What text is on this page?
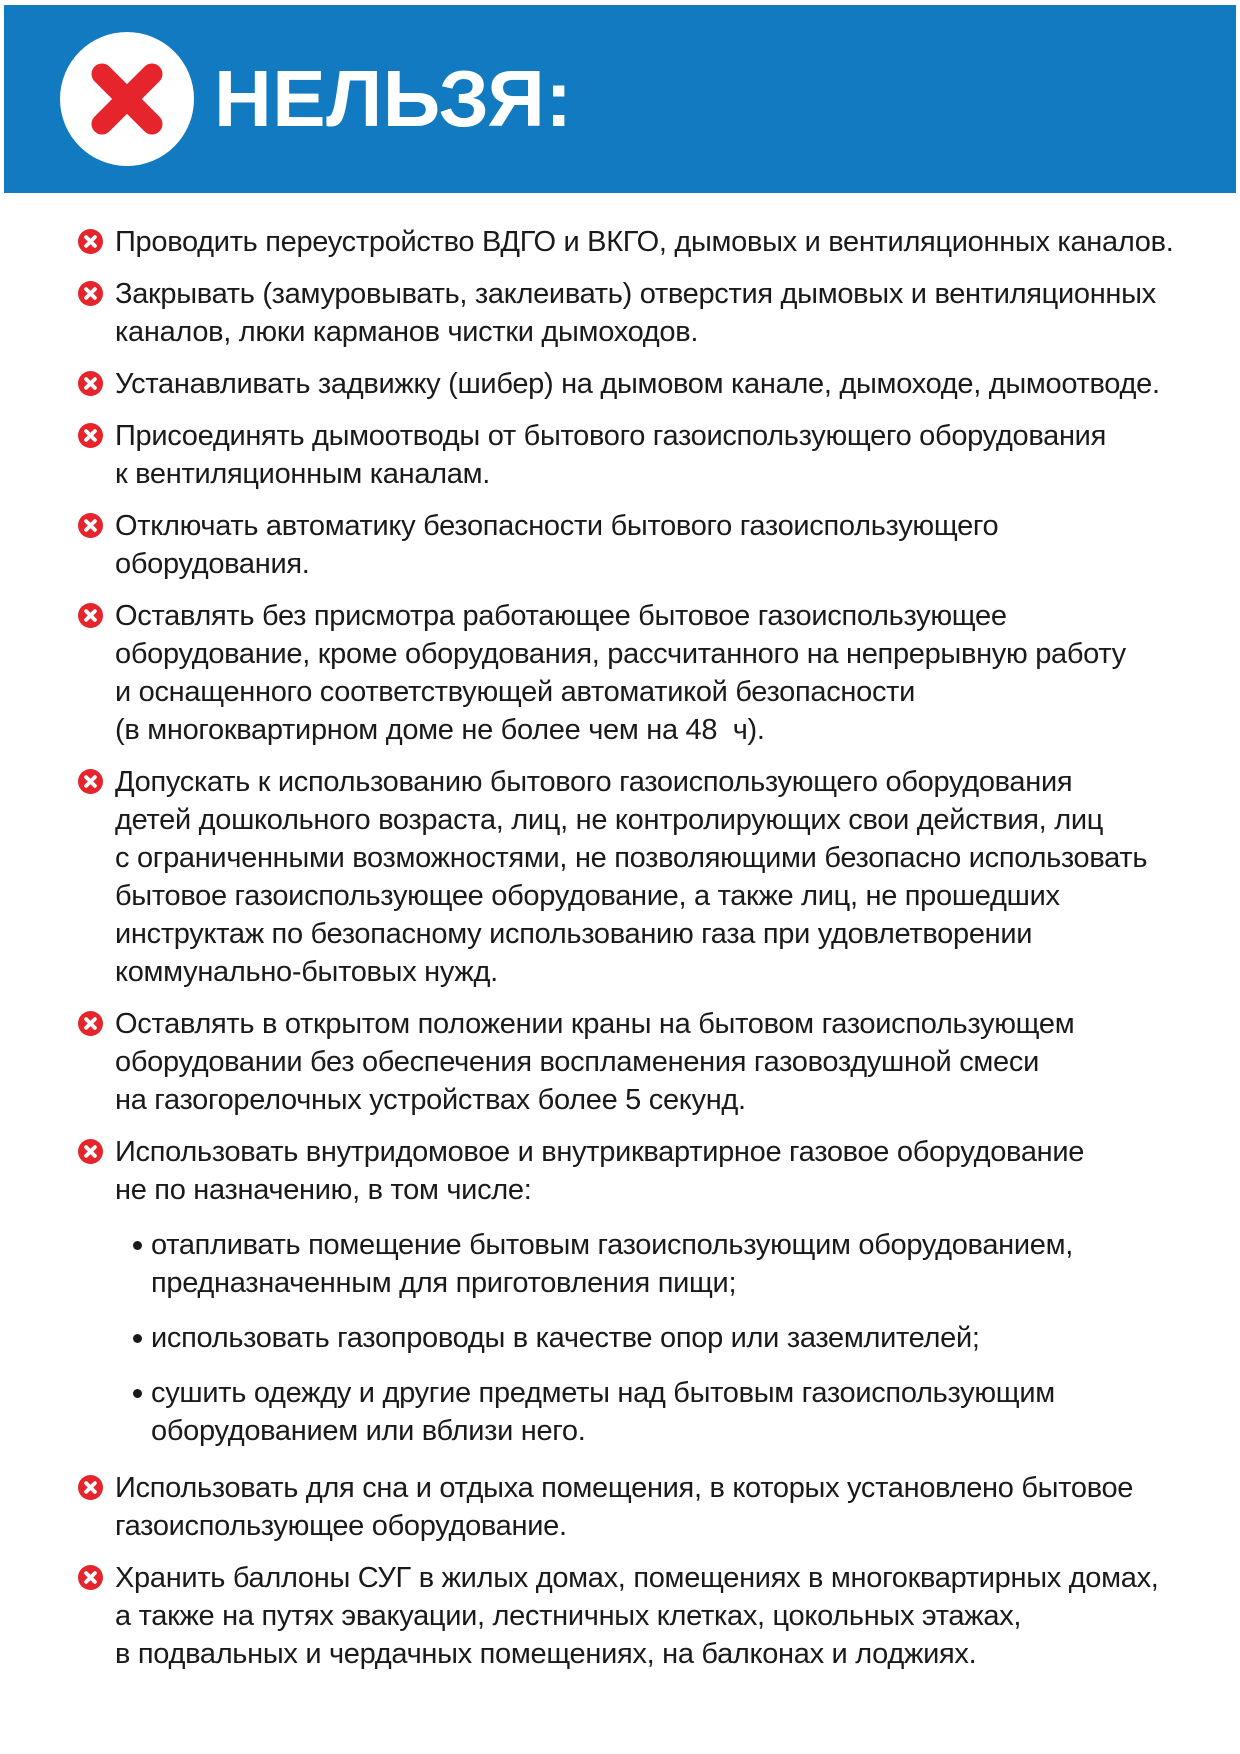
НЕЛЬЗЯ:
Проводить переустройство ВДГО и ВКГО, дымовых и вентиляционных каналов.
Закрывать (замуровывать, заклеивать) отверстия дымовых и вентиляционных
каналов, люки карманов чистки дымоходов.
Устанавливать задвижку (шибер) на дымовом канале, дымоходе, дымоотводе.
Присоединять дымоотводы от бытового газоиспользующего оборудования
к вентиляционным каналам.
Отключать автоматику безопасности бытового газоиспользующего
оборудования.
Оставлять без присмотра работающее бытовое газоиспользующее
оборудование, кроме оборудования, рассчитанного на непрерывную работу
и оснащенного соответствующей автоматикой безопасности
(в многоквартирном доме не более чем на 48  ч).
Допускать к использованию бытового газоиспользующего оборудования
детей дошкольного возраста, лиц, не контролирующих свои действия, лиц
с ограниченными возможностями, не позволяющими безопасно использовать
бытовое газоиспользующее оборудование, а также лиц, не прошедших
инструктаж по безопасному использованию газа при удовлетворении
коммунально-бытовых нужд.
Оставлять в открытом положении краны на бытовом газоиспользующем
оборудовании без обеспечения воспламенения газовоздушной смеси
на газогорелочных устройствах более 5 секунд.
Использовать внутридомовое и внутриквартирное газовое оборудование
не по назначению, в том числе:
отапливать помещение бытовым газоиспользующим оборудованием,
предназначенным для приготовления пищи;
использовать газопроводы в качестве опор или заземлителей;
сушить одежду и другие предметы над бытовым газоиспользующим
оборудованием или вблизи него.
Использовать для сна и отдыха помещения, в которых установлено бытовое
газоиспользующее оборудование.
Хранить баллоны СУГ в жилых домах, помещениях в многоквартирных домах,
а также на путях эвакуации, лестничных клетках, цокольных этажах,
в подвальных и чердачных помещениях, на балконах и лоджиях.
